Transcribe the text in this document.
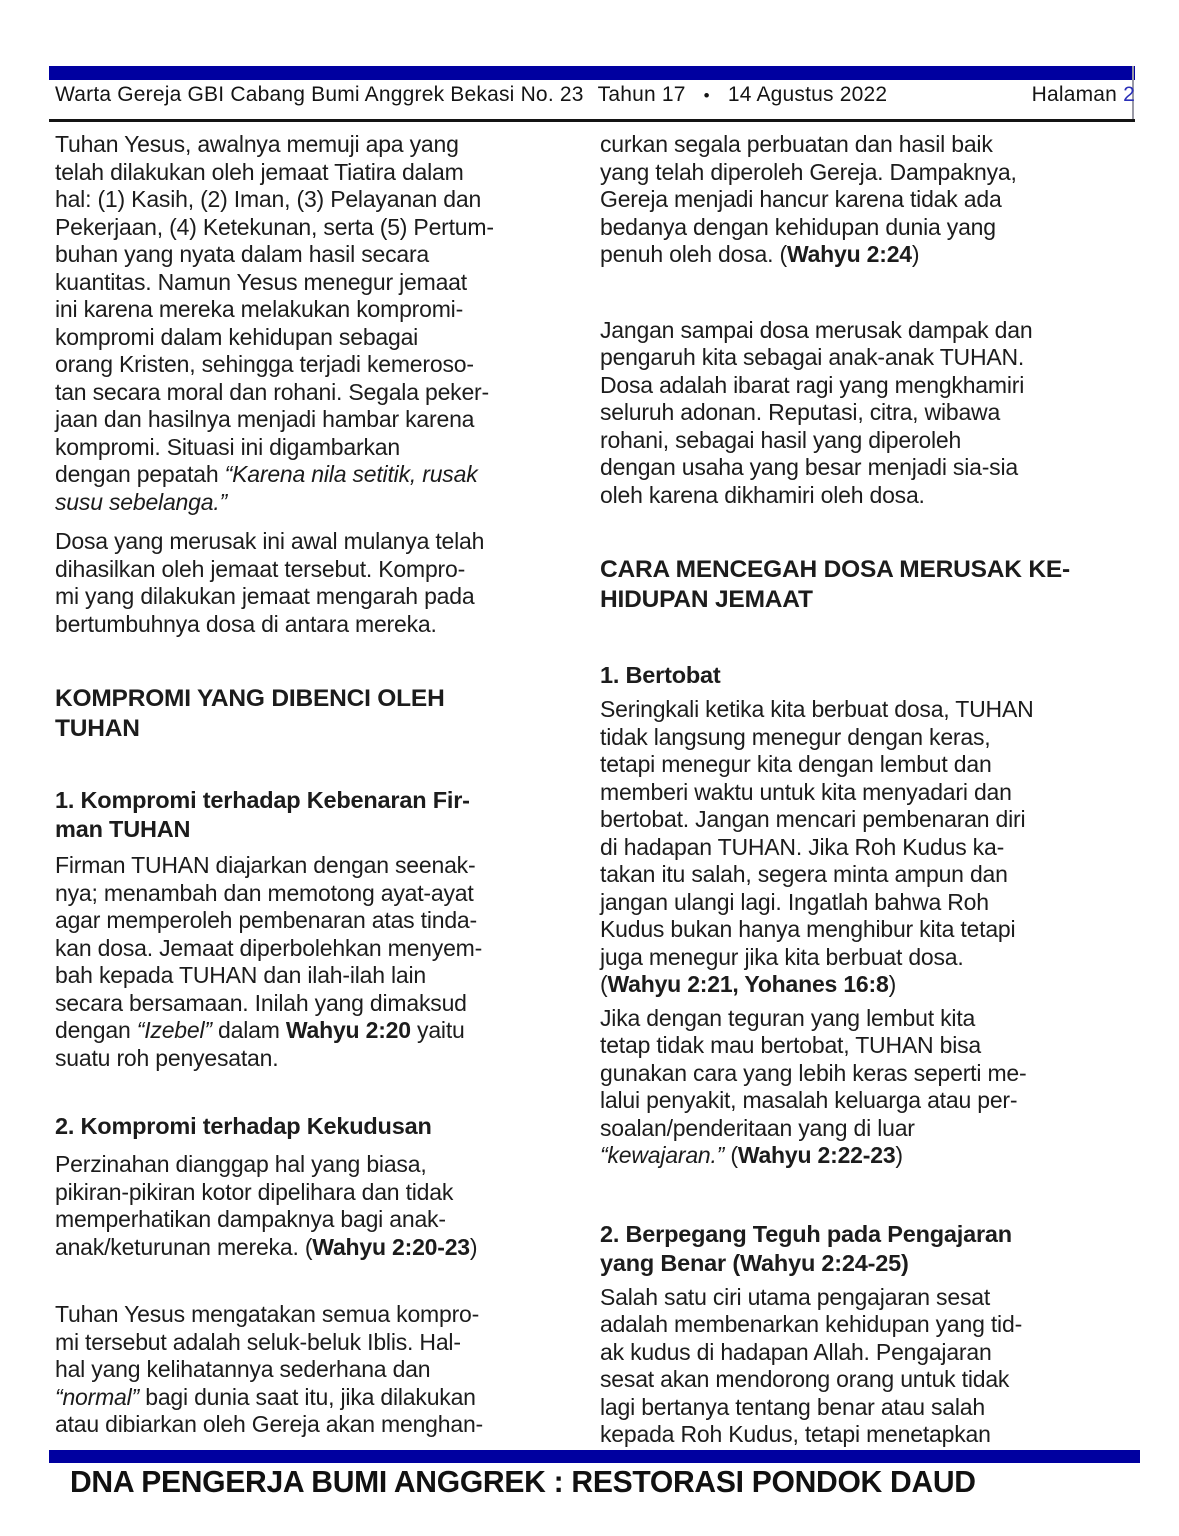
Warta Gereja GBI Cabang Bumi Anggrek Bekasi No. 23 Tahun 17 • 14 Agustus 2022	Halaman 2
Tuhan Yesus, awalnya memuji apa yang
telah dilakukan oleh jemaat Tiatira dalam
hal: (1) Kasih, (2) Iman, (3) Pelayanan dan
Pekerjaan, (4) Ketekunan, serta (5) Pertum-
buhan yang nyata dalam hasil secara
kuantitas. Namun Yesus menegur jemaat
ini karena mereka melakukan kompromi-
kompromi dalam kehidupan sebagai
orang Kristen, sehingga terjadi kemeroso-
tan secara moral dan rohani. Segala peker-
jaan dan hasilnya menjadi hambar karena
kompromi. Situasi ini digambarkan
dengan pepatah “Karena nila setitik, rusak
susu sebelanga.”
Dosa yang merusak ini awal mulanya telah
dihasilkan oleh jemaat tersebut. Kompro-
mi yang dilakukan jemaat mengarah pada
bertumbuhnya dosa di antara mereka.
KOMPROMI YANG DIBENCI OLEH
TUHAN
1. Kompromi terhadap Kebenaran Fir-
man TUHAN
Firman TUHAN diajarkan dengan seenak-
nya; menambah dan memotong ayat-ayat
agar memperoleh pembenaran atas tinda-
kan dosa. Jemaat diperbolehkan menyem-
bah kepada TUHAN dan ilah-ilah lain
secara bersamaan. Inilah yang dimaksud
dengan “Izebel” dalam Wahyu 2:20 yaitu
suatu roh penyesatan.
2. Kompromi terhadap Kekudusan
Perzinahan dianggap hal yang biasa,
pikiran-pikiran kotor dipelihara dan tidak
memperhatikan dampaknya bagi anak-
anak/keturunan mereka. (Wahyu 2:20-23)
Tuhan Yesus mengatakan semua kompro-
mi tersebut adalah seluk-beluk Iblis. Hal-
hal yang kelihatannya sederhana dan
“normal” bagi dunia saat itu, jika dilakukan
atau dibiarkan oleh Gereja akan menghan-
curkan segala perbuatan dan hasil baik
yang telah diperoleh Gereja. Dampaknya,
Gereja menjadi hancur karena tidak ada
bedanya dengan kehidupan dunia yang
penuh oleh dosa. (Wahyu 2:24)
Jangan sampai dosa merusak dampak dan
pengaruh kita sebagai anak-anak TUHAN.
Dosa adalah ibarat ragi yang mengkhamiri
seluruh adonan. Reputasi, citra, wibawa
rohani, sebagai hasil yang diperoleh
dengan usaha yang besar menjadi sia-sia
oleh karena dikhamiri oleh dosa.
CARA MENCEGAH DOSA MERUSAK KE-
HIDUPAN JEMAAT
1. Bertobat
Seringkali ketika kita berbuat dosa, TUHAN
tidak langsung menegur dengan keras,
tetapi menegur kita dengan lembut dan
memberi waktu untuk kita menyadari dan
bertobat. Jangan mencari pembenaran diri
di hadapan TUHAN. Jika Roh Kudus ka-
takan itu salah, segera minta ampun dan
jangan ulangi lagi. Ingatlah bahwa Roh
Kudus bukan hanya menghibur kita tetapi
juga menegur jika kita berbuat dosa.
(Wahyu 2:21, Yohanes 16:8)
Jika dengan teguran yang lembut kita
tetap tidak mau bertobat, TUHAN bisa
gunakan cara yang lebih keras seperti me-
lalui penyakit, masalah keluarga atau per-
soalan/penderitaan yang di luar
“kewajaran.” (Wahyu 2:22-23)
2. Berpegang Teguh pada Pengajaran
yang Benar (Wahyu 2:24-25)
Salah satu ciri utama pengajaran sesat
adalah membenarkan kehidupan yang tid-
ak kudus di hadapan Allah. Pengajaran
sesat akan mendorong orang untuk tidak
lagi bertanya tentang benar atau salah
kepada Roh Kudus, tetapi menetapkan
DNA PENGERJA BUMI ANGGREK : RESTORASI PONDOK DAUD
